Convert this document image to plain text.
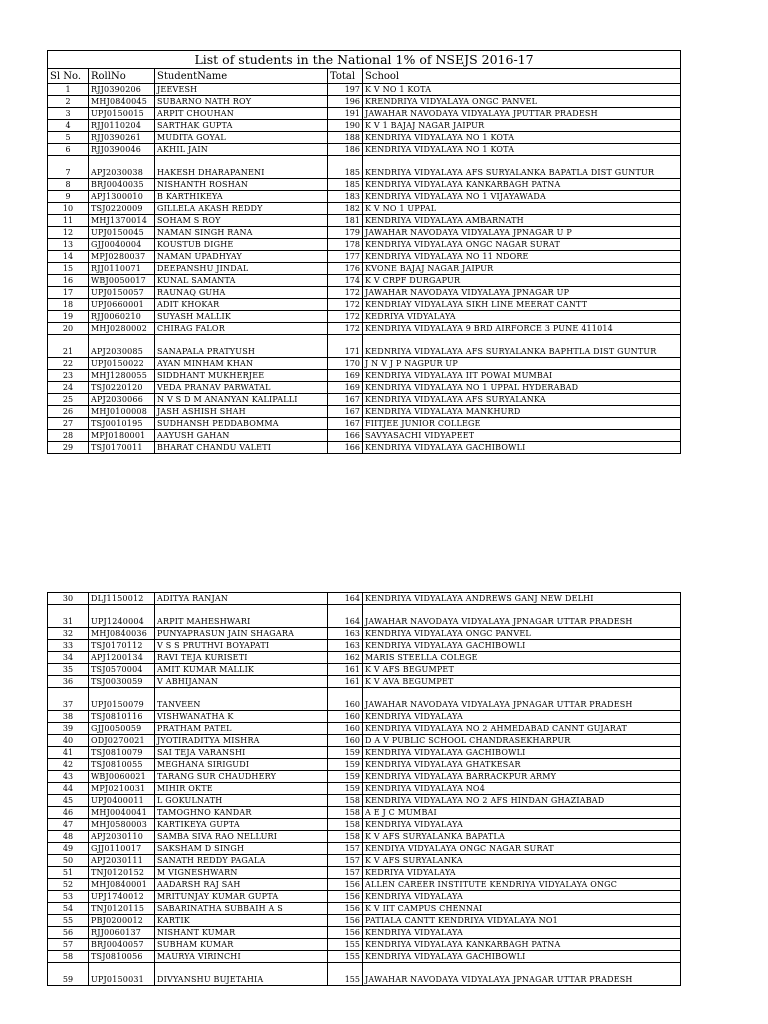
List of students in the National 1% of NSEJS 2016-17				
Sl No.	RollNo	StudentName	Total	School
1	RJJ0390206	JEEVESH	197	K V NO 1 KOTA
2	MHJ0840045	SUBARNO NATH ROY	196	KRENDRIYA VIDYALAYA ONGC PANVEL
3	UPJ0150015	ARPIT CHOUHAN	191	JAWAHAR NAVODAYA VIDYALAYA JPUTTAR PRADESH
4	RJJ0110204	SARTHAK GUPTA	190	K V 1 BAJAJ NAGAR JAIPUR
5	RJJ0390261	MUDITA GOYAL	188	KENDRIYA VIDYALAYA NO 1 KOTA
6	RJJ0390046	AKHIL JAIN	186	KENDRIYA VIDYALAYA NO 1 KOTA
7	APJ2030038	HAKESH DHARAPANENI	185	KENDRIYA VIDYALAYA AFS SURYALANKA BAPATLA DIST GUNTUR
8	BRJ0040035	NISHANTH ROSHAN	185	KENDRIYA VIDYALAYA KANKARBAGH PATNA
9	APJ1300010	B KARTHIKEYA	183	KENDRIYA VIDYALAYA NO 1 VIJAYAWADA
10	TSJ0220009	GILLELA AKASH REDDY	182	K V NO 1 UPPAL
11	MHJ1370014	SOHAM S ROY	181	KENDRIYA VIDYALAYA AMBARNATH
12	UPJ0150045	NAMAN SINGH RANA	179	JAWAHAR NAVODAYA VIDYALAYA JPNAGAR U P
13	GJJ0040004	KOUSTUB DIGHE	178	KENDRIYA VIDYALAYA ONGC NAGAR SURAT
14	MPJ0280037	NAMAN UPADHYAY	177	KENDRIYA VIDYALAYA NO 11 NDORE
15	RJJ0110071	DEEPANSHU JINDAL	176	KVONE BAJAJ NAGAR JAIPUR
16	WBJ0050017	KUNAL SAMANTA	174	K V CRPF DURGAPUR
17	UPJ0150057	RAUNAQ GUHA	172	JAWAHAR NAVODAYA VIDYALAYA JPNAGAR UP
18	UPJ0660001	ADIT KHOKAR	172	KENDRIAY VIDYALAYA SIKH LINE MEERAT CANTT
19	RJJ0060210	SUYASH MALLIK	172	KEDRIYA VIDYALAYA
20	MHJ0280002	CHIRAG FALOR	172	KENDRIYA VIDYALAYA 9 BRD AIRFORCE 3 PUNE 411014
21	APJ2030085	SANAPALA PRATYUSH	171	KEDNRIYA VIDYALAYA AFS SURYALANKA BAPHTLA DIST GUNTUR
22	UPJ0150022	AYAN MINHAM KHAN	170	J N V J P NAGPUR UP
23	MHJ1280055	SIDDHANT MUKHERJEE	169	KENDRIYA VIDYALAYA IIT POWAI MUMBAI
24	TSJ0220120	VEDA PRANAV PARWATAL	169	KENDRIYA VIDYALAYA NO 1 UPPAL HYDERABAD
25	APJ2030066	N V S D M ANANYAN KALIPALLI	167	KENDRIYA VIDYALAYA AFS SURYALANKA
26	MHJ0100008	JASH ASHISH SHAH	167	KENDRIYA VIDYALAYA MANKHURD
27	TSJ0010195	SUDHANSH PEDDABOMMA	167	FIITJEE JUNIOR COLLEGE
28	MPJ0180001	AAYUSH GAHAN	166	SAVYASACHI VIDYAPEET
29	TSJ0170011	BHARAT CHANDU VALETI	166	KENDRIYA VIDYALAYA GACHIBOWLI
30	DLJ1150012	ADITYA RANJAN	164	KENDRIYA VIDYALAYA ANDREWS GANJ NEW DELHI
31	UPJ1240004	ARPIT MAHESHWARI	164	JAWAHAR NAVODAYA VIDYALAYA JPNAGAR UTTAR PRADESH
32	MHJ0840036	PUNYAPRASUN JAIN SHAGARA	163	KENDRIYA VIDYALAYA ONGC PANVEL
33	TSJ0170112	V S S PRUTHVI BOYAPATI	163	KENDRIYA VIDYALAYA GACHIBOWLI
34	APJ1200134	RAVI TEJA KURISETI	162	MARIS STEELLA COLEGE
35	TSJ0570004	AMIT KUMAR MALLIK	161	K V AFS BEGUMPET
36	TSJ0030059	V ABHIJANAN	161	K V AVA BEGUMPET
37	UPJ0150079	TANVEEN	160	JAWAHAR NAVODAYA VIDYALAYA JPNAGAR UTTAR PRADESH
38	TSJ0810116	VISHWANATHA K	160	KENDRIYA VIDYALAYA
39	GJJ0050059	PRATHAM PATEL	160	KENDRIYA VIDYALAYA NO 2 AHMEDABAD CANNT GUJARAT
40	ODJ0270021	JYOTIRADITYA MISHRA	160	D A V PUBLIC SCHOOL CHANDRASEKHARPUR
41	TSJ0810079	SAI TEJA VARANSHI	159	KENDRIYA VIDYALAYA GACHIBOWLI
42	TSJ0810055	MEGHANA SIRIGUDI	159	KENDRIYA VIDYALAYA GHATKESAR
43	WBJ0060021	TARANG SUR CHAUDHERY	159	KENDRIYA VIDYALAYA BARRACKPUR ARMY
44	MPJ0210031	MIHIR OKTE	159	KENDRIYA VIDYALAYA NO4
45	UPJ0400011	L GOKULNATH	158	KENDRIYA VIDYALAYA NO 2 AFS HINDAN GHAZIABAD
46	MHJ0040041	TAMOGHNO KANDAR	158	A E J C MUMBAI
47	MHJ0580003	KARTIKEYA GUPTA	158	KENDRIYA VIDYALAYA
48	APJ2030110	SAMBA SIVA RAO NELLURI	158	K V AFS SURYALANKA BAPATLA
49	GJJ0110017	SAKSHAM D SINGH	157	KENDIYA VIDYALAYA ONGC NAGAR SURAT
50	APJ2030111	SANATH REDDY PAGALA	157	K V AFS SURYALANKA
51	TNJ0120152	M VIGNESHWARN	157	KEDRIYA VIDYALAYA
52	MHJ0840001	AADARSH RAJ SAH	156	ALLEN CAREER INSTITUTE KENDRIYA VIDYALAYA ONGC
53	UPJ1740012	MRITUNJAY KUMAR GUPTA	156	KENDRIYA VIDYALAYA
54	TNJ0120115	SABARINATHA SUBBAIH A S	156	K V IIT CAMPUS CHENNAI
55	PBJ0200012	KARTIK	156	PATIALA CANTT KENDRIYA VIDYALAYA NO1
56	RJJ0060137	NISHANT KUMAR	156	KENDRIYA VIDYALAYA
57	BRJ0040057	SUBHAM KUMAR	155	KENDRIYA VIDYALAYA KANKARBAGH PATNA
58	TSJ0810056	MAURYA VIRINCHI	155	KENDRIYA VIDYALAYA GACHIBOWLI
59	UPJ0150031	DIVYANSHU BUJETAHIA	155	JAWAHAR NAVODAYA VIDYALAYA JPNAGAR UTTAR PRADESH
